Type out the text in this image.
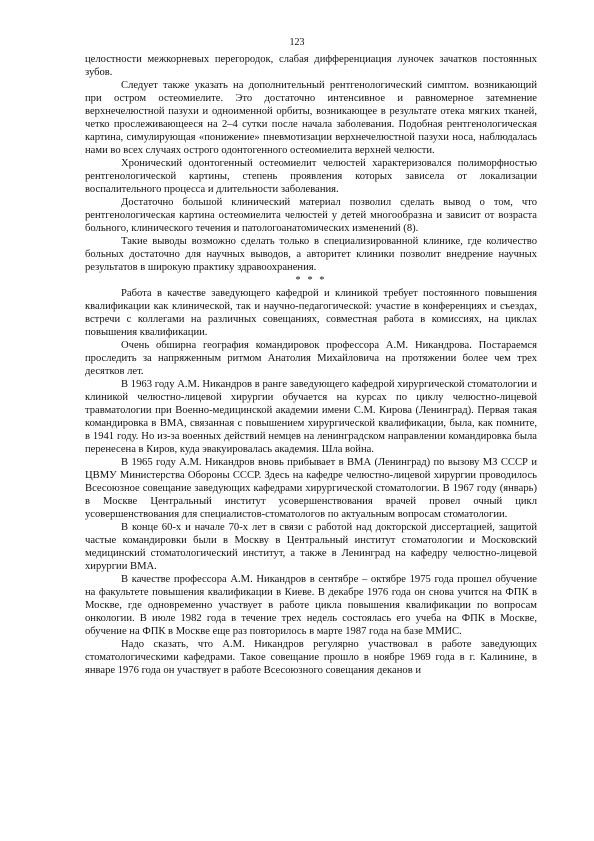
123

целостности межкорневых перегородок, слабая дифференциация луночек зачатков постоянных зубов.

Следует также указать на дополнительный рентгенологический симптом. возникающий при остром остеомиелите. Это достаточно интенсивное и равномерное затемнение верхнечелюстной пазухи и одноименной орбиты, возникающее в результате отека мягких тканей, четко прослеживающееся на 2–4 сутки после начала заболевания. Подобная рентгенологическая картина, симулирующая «понижение» пневмотизации верхнечелюстной пазухи носа, наблюдалась нами во всех случаях острого одонтогенного остеомиелита верхней челюсти.

Хронический одонтогенный остеомиелит челюстей характеризовался полиморфностью рентгенологической картины, степень проявления которых зависела от локализации воспалительного процесса и длительности заболевания.

Достаточно большой клинический материал позволил сделать вывод о том, что рентгенологическая картина остеомиелита челюстей у детей многообразна и зависит от возраста больного, клинического течения и патологоанатомических изменений (8).

Такие выводы возможно сделать только в специализированной клинике, где количество больных достаточно для научных выводов, а авторитет клиники позволит внедрение научных результатов в широкую практику здравоохранения.

* * *

Работа в качестве заведующего кафедрой и клиникой требует постоянного повышения квалификации как клинической, так и научно-педагогической: участие в конференциях и съездах, встречи с коллегами на различных совещаниях, совместная работа в комиссиях, на циклах повышения квалификации.

Очень обширна география командировок профессора А.М. Никандрова. Постараемся проследить за напряженным ритмом Анатолия Михайловича на протяжении более чем трех десятков лет.

В 1963 году А.М. Никандров в ранге заведующего кафедрой хирургической стоматологии и клиникой челюстно-лицевой хирургии обучается на курсах по циклу челюстно-лицевой травматологии при Военно-медицинской академии имени С.М. Кирова (Ленинград). Первая такая командировка в ВМА, связанная с повышением хирургической квалификации, была, как помните, в 1941 году. Но из-за военных действий немцев на ленинградском направлении командировка была перенесена в Киров, куда эвакуировалась академия. Шла война.

В 1965 году А.М. Никандров вновь прибывает в ВМА (Ленинград) по вызову МЗ СССР и ЦВМУ Министерства Обороны СССР. Здесь на кафедре челюстно-лицевой хирургии проводилось Всесоюзное совещание заведующих кафедрами хирургической стоматологии. В 1967 году (январь) в Москве Центральный институт усовершенствования врачей провел очный цикл усовершенствования для специалистов-стоматологов по актуальным вопросам стоматологии.

В конце 60-х и начале 70-х лет в связи с работой над докторской диссертацией, защитой частые командировки были в Москву в Центральный институт стоматологии и Московский медицинский стоматологический институт, а также в Ленинград на кафедру челюстно-лицевой хирургии ВМА.

В качестве профессора А.М. Никандров в сентябре – октябре 1975 года прошел обучение на факультете повышения квалификации в Киеве. В декабре 1976 года он снова учится на ФПК в Москве, где одновременно участвует в работе цикла повышения квалификации по вопросам онкологии. В июле 1982 года в течение трех недель состоялась его учеба на ФПК в Москве, обучение на ФПК в Москве еще раз повторилось в марте 1987 года на базе ММИС.

Надо сказать, что А.М. Никандров регулярно участвовал в работе заведующих стоматологическими кафедрами. Такое совещание прошло в ноябре 1969 года в г. Калинине, в январе 1976 года он участвует в работе Всесоюзного совещания деканов и
